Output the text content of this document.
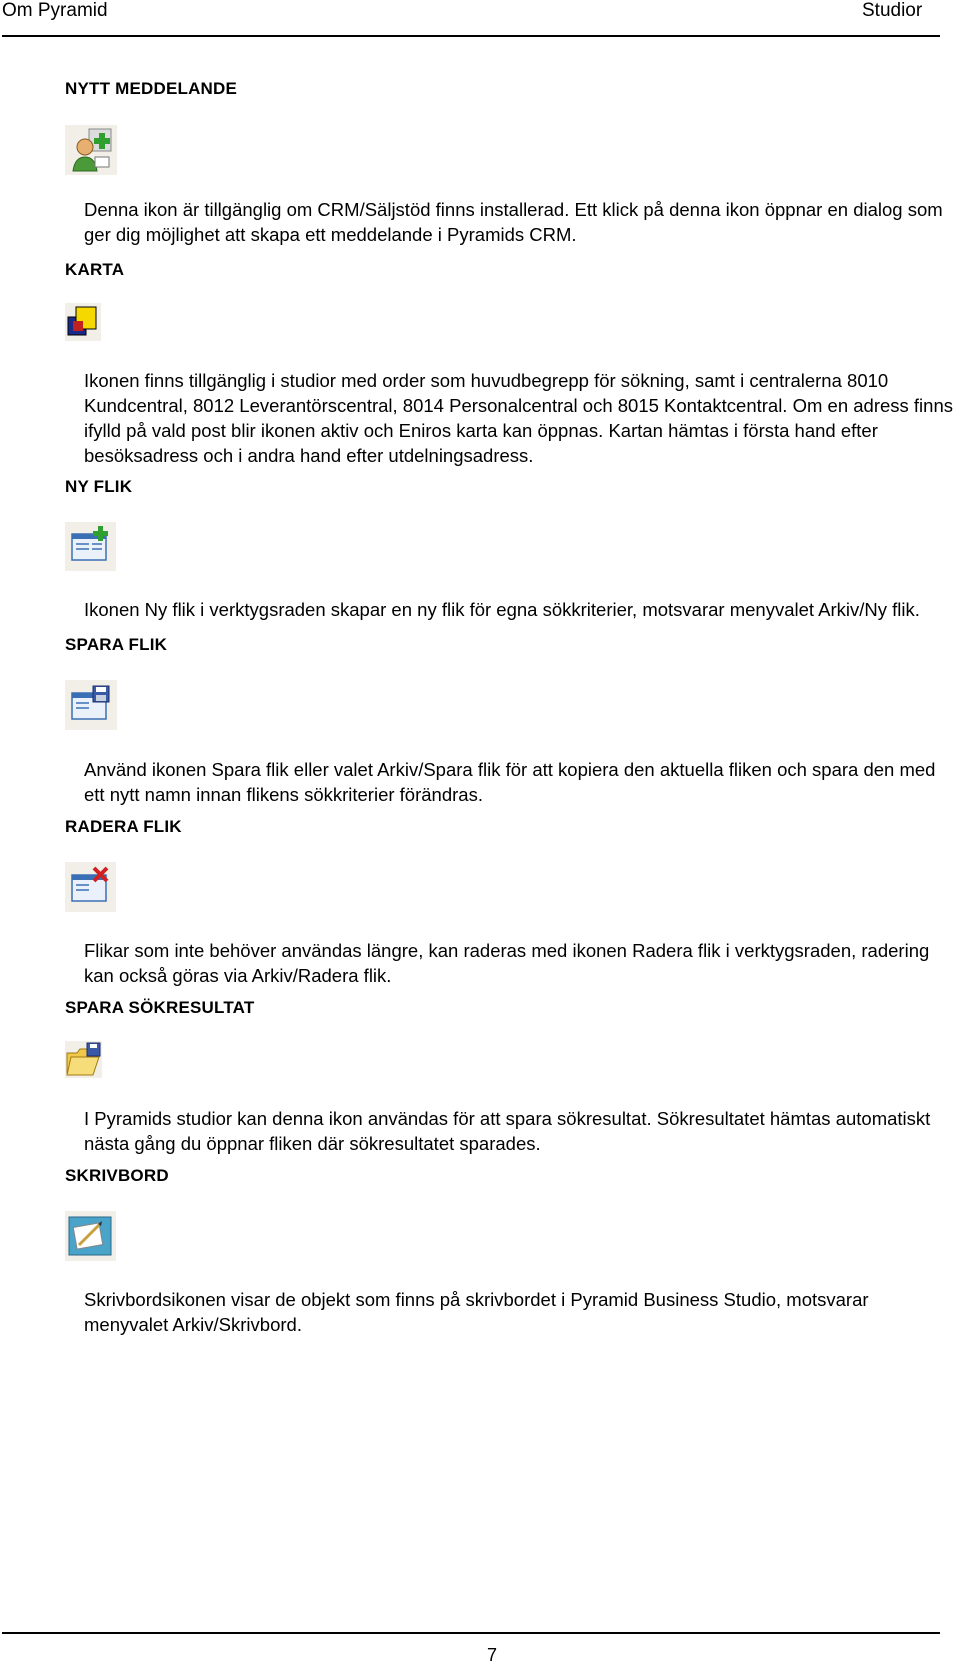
Om Pyramid	Studior
NYTT MEDDELANDE
Denna ikon är tillgänglig om CRM/Säljstöd finns installerad. Ett klick på denna ikon öppnar en dialog som ger dig möjlighet att skapa ett meddelande i Pyramids CRM.
KARTA
Ikonen finns tillgänglig i studior med order som huvudbegrepp för sökning, samt i centralerna 8010 Kundcentral, 8012 Leverantörscentral, 8014 Personalcentral och 8015 Kontaktcentral. Om en adress finns ifylld på vald post blir ikonen aktiv och Eniros karta kan öppnas. Kartan hämtas i första hand efter besöksadress och i andra hand efter utdelningsadress.
NY FLIK
Ikonen Ny flik i verktygsraden skapar en ny flik för egna sökkriterier, motsvarar menyvalet Arkiv/Ny flik.
SPARA FLIK
Använd ikonen Spara flik eller valet Arkiv/Spara flik för att kopiera den aktuella fliken och spara den med ett nytt namn innan flikens sökkriterier förändras.
RADERA FLIK
Flikar som inte behöver användas längre, kan raderas med ikonen Radera flik i verktygsraden, radering kan också göras via Arkiv/Radera flik.
SPARA SÖKRESULTAT
I Pyramids studior kan denna ikon användas för att spara sökresultat. Sökresultatet hämtas automatiskt nästa gång du öppnar fliken där sökresultatet sparades.
SKRIVBORD
Skrivbordsikonen visar de objekt som finns på skrivbordet i Pyramid Business Studio, motsvarar menyvalet Arkiv/Skrivbord.
7
